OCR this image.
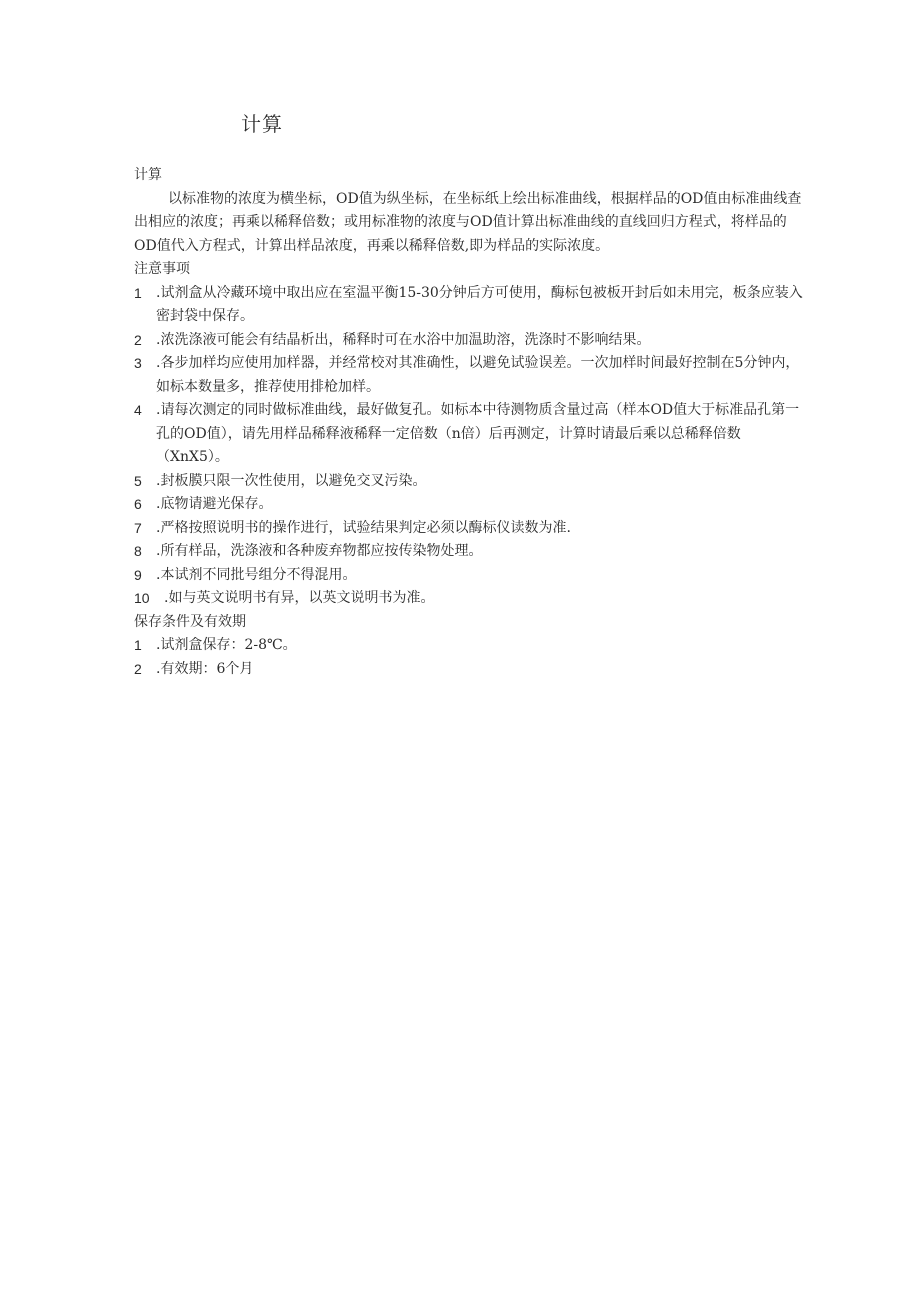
计算

计算

以标准物的浓度为横坐标，OD值为纵坐标，在坐标纸上绘出标准曲线，根据样品的OD值由标准曲线查出相应的浓度；再乘以稀释倍数；或用标准物的浓度与OD值计算出标准曲线的直线回归方程式，将样品的OD值代入方程式，计算出样品浓度，再乘以稀释倍数,即为样品的实际浓度。

注意事项

1 .试剂盒从冷藏环境中取出应在室温平衡15-30分钟后方可使用，酶标包被板开封后如未用完，板条应装入密封袋中保存。
2 .浓洗涤液可能会有结晶析出，稀释时可在水浴中加温助溶，洗涤时不影响结果。
3 .各步加样均应使用加样器，并经常校对其准确性，以避免试验误差。一次加样时间最好控制在5分钟内，如标本数量多，推荐使用排枪加样。
4 .请每次测定的同时做标准曲线，最好做复孔。如标本中待测物质含量过高（样本OD值大于标准品孔第一孔的OD值），请先用样品稀释液稀释一定倍数（n倍）后再测定，计算时请最后乘以总稀释倍数（XnX5）。
5 .封板膜只限一次性使用，以避免交叉污染。
6 .底物请避光保存。
7 .严格按照说明书的操作进行，试验结果判定必须以酶标仪读数为准.
8 .所有样品，洗涤液和各种废弃物都应按传染物处理。
9 .本试剂不同批号组分不得混用。
10 .如与英文说明书有异，以英文说明书为准。

保存条件及有效期

1 .试剂盒保存：2-8℃。
2 .有效期：6个月
